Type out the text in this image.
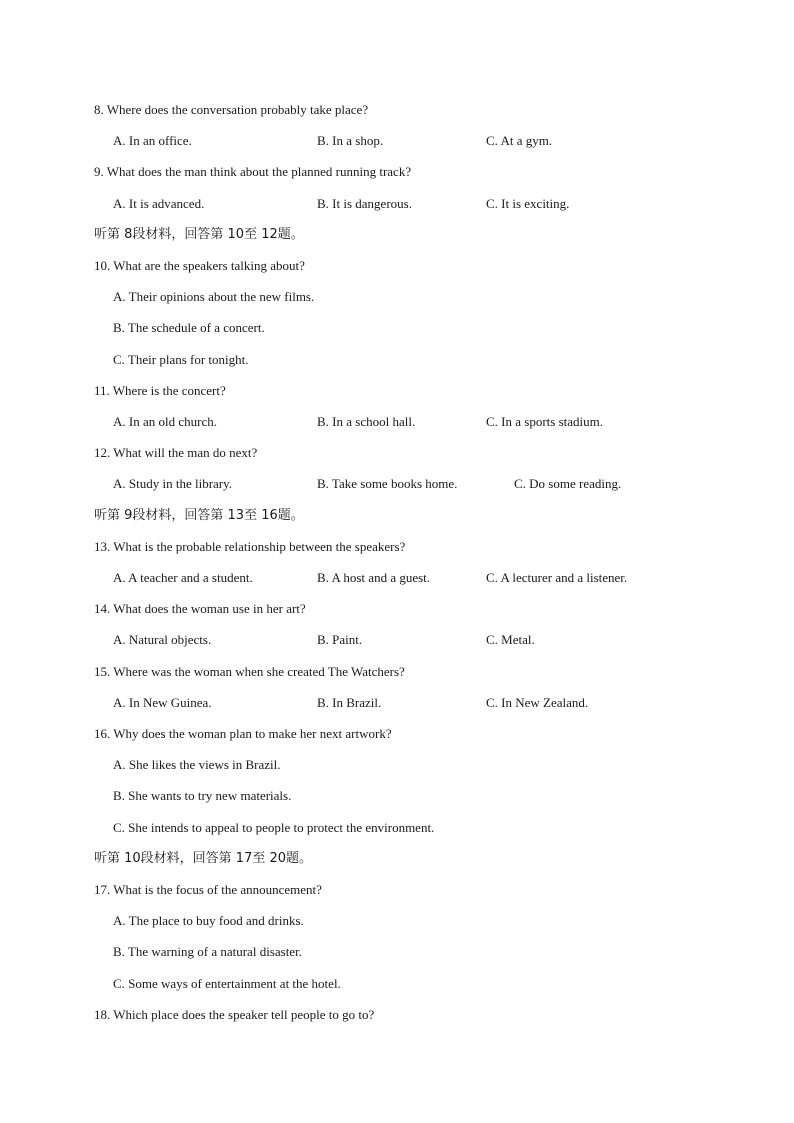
8. Where does the conversation probably take place?
A. In an office.	B. In a shop.	C. At a gym.
9. What does the man think about the planned running track?
A. It is advanced.	B. It is dangerous.	C. It is exciting.
听第 8段材料，回答第 10至 12题。
10. What are the speakers talking about?
A. Their opinions about the new films.
B. The schedule of a concert.
C. Their plans for tonight.
11. Where is the concert?
A. In an old church.	B. In a school hall.	C. In a sports stadium.
12. What will the man do next?
A. Study in the library.	B. Take some books home.	C. Do some reading.
听第 9段材料，回答第 13至 16题。
13. What is the probable relationship between the speakers?
A. A teacher and a student.	B. A host and a guest.	C. A lecturer and a listener.
14. What does the woman use in her art?
A. Natural objects.	B. Paint.	C. Metal.
15. Where was the woman when she created The Watchers?
A. In New Guinea.	B. In Brazil.	C. In New Zealand.
16. Why does the woman plan to make her next artwork?
A. She likes the views in Brazil.
B. She wants to try new materials.
C. She intends to appeal to people to protect the environment.
听第 10段材料，回答第 17至 20题。
17. What is the focus of the announcement?
A. The place to buy food and drinks.
B. The warning of a natural disaster.
C. Some ways of entertainment at the hotel.
18. Which place does the speaker tell people to go to?
